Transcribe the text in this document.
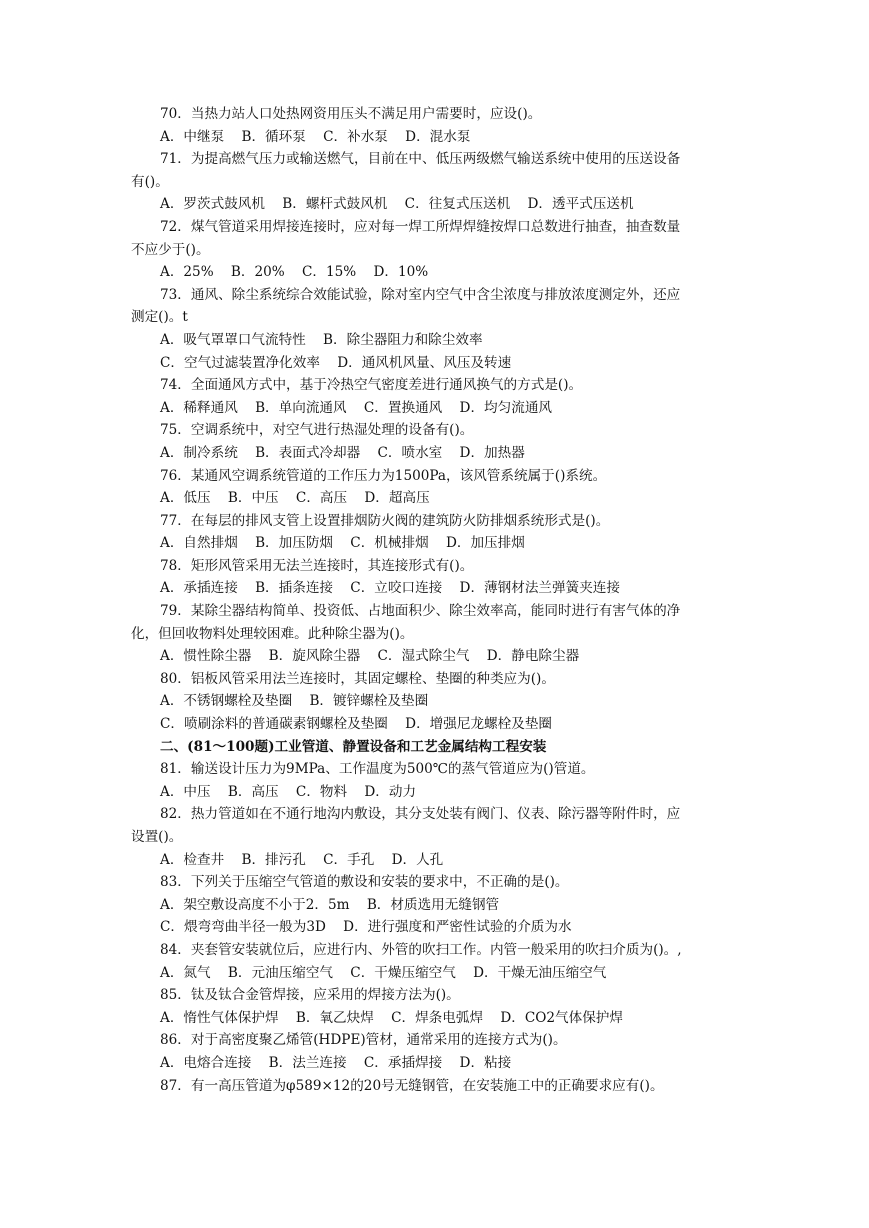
70．当热力站人口处热网资用压头不满足用户需要时，应设()。
A．中继泵    B．循环泵    C．补水泵    D．混水泵
71．为提高燃气压力或输送燃气，目前在中、低压两级燃气输送系统中使用的压送设备
有()。
A．罗茨式鼓风机    B．螺杆式鼓风机    C．往复式压送机    D．透平式压送机
72．煤气管道采用焊接连接时，应对每一焊工所焊焊缝按焊口总数进行抽查，抽查数量
不应少于()。
A．25%    B．20%    C．15%    D．10%
73．通风、除尘系统综合效能试验，除对室内空气中含尘浓度与排放浓度测定外，还应
测定()。t
A．吸气罩罩口气流特性    B．除尘器阻力和除尘效率
C．空气过滤装置净化效率    D．通风机风量、风压及转速
74．全面通风方式中，基于冷热空气密度差进行通风换气的方式是()。
A．稀释通风    B．单向流通风    C．置换通风    D．均匀流通风
75．空调系统中，对空气进行热湿处理的设备有()。
A．制冷系统    B．表面式冷却器    C．喷水室    D．加热器
76．某通风空调系统管道的工作压力为1500Pa，该风管系统属于()系统。
A．低压    B．中压    C．高压    D．超高压
77．在每层的排风支管上设置排烟防火阀的建筑防火防排烟系统形式是()。
A．自然排烟    B．加压防烟    C．机械排烟    D．加压排烟
78．矩形风管采用无法兰连接时，其连接形式有()。
A．承插连接    B．插条连接    C．立咬口连接    D．薄钢材法兰弹簧夹连接
79．某除尘器结构简单、投资低、占地面积少、除尘效率高，能同时进行有害气体的净
化，但回收物料处理较困难。此种除尘器为()。
A．惯性除尘器    B．旋风除尘器    C．湿式除尘气    D．静电除尘器
80．铝板风管采用法兰连接时，其固定螺栓、垫圈的种类应为()。
A．不锈钢螺栓及垫圈    B．镀锌螺栓及垫圈
C．喷刷涂料的普通碳素钢螺栓及垫圈    D．增强尼龙螺栓及垫圈
二、(81～100题)工业管道、静置设备和工艺金属结构工程安装
81．输送设计压力为9MPa、工作温度为500℃的蒸气管道应为()管道。
A．中压    B．高压    C．物料    D．动力
82．热力管道如在不通行地沟内敷设，其分支处装有阀门、仪表、除污器等附件时，应
设置()。
A．检查井    B．排污孔    C．手孔    D．人孔
83．下列关于压缩空气管道的敷设和安装的要求中，不正确的是()。
A．架空敷设高度不小于2．5m    B．材质选用无缝钢管
C．煨弯弯曲半径一般为3D    D．进行强度和严密性试验的介质为水
84．夹套管安装就位后，应进行内、外管的吹扫工作。内管一般采用的吹扫介质为()。,
A．氮气    B．元油压缩空气    C．干燥压缩空气    D．干燥无油压缩空气
85．钛及钛合金管焊接，应采用的焊接方法为()。
A．惰性气体保护焊    B．氧乙炔焊    C．焊条电弧焊    D．CO2气体保护焊
86．对于高密度聚乙烯管(HDPE)管材，通常采用的连接方式为()。
A．电熔合连接    B．法兰连接    C．承插焊接    D．粘接
87．有一高压管道为φ589×12的20号无缝钢管，在安装施工中的正确要求应有()。
